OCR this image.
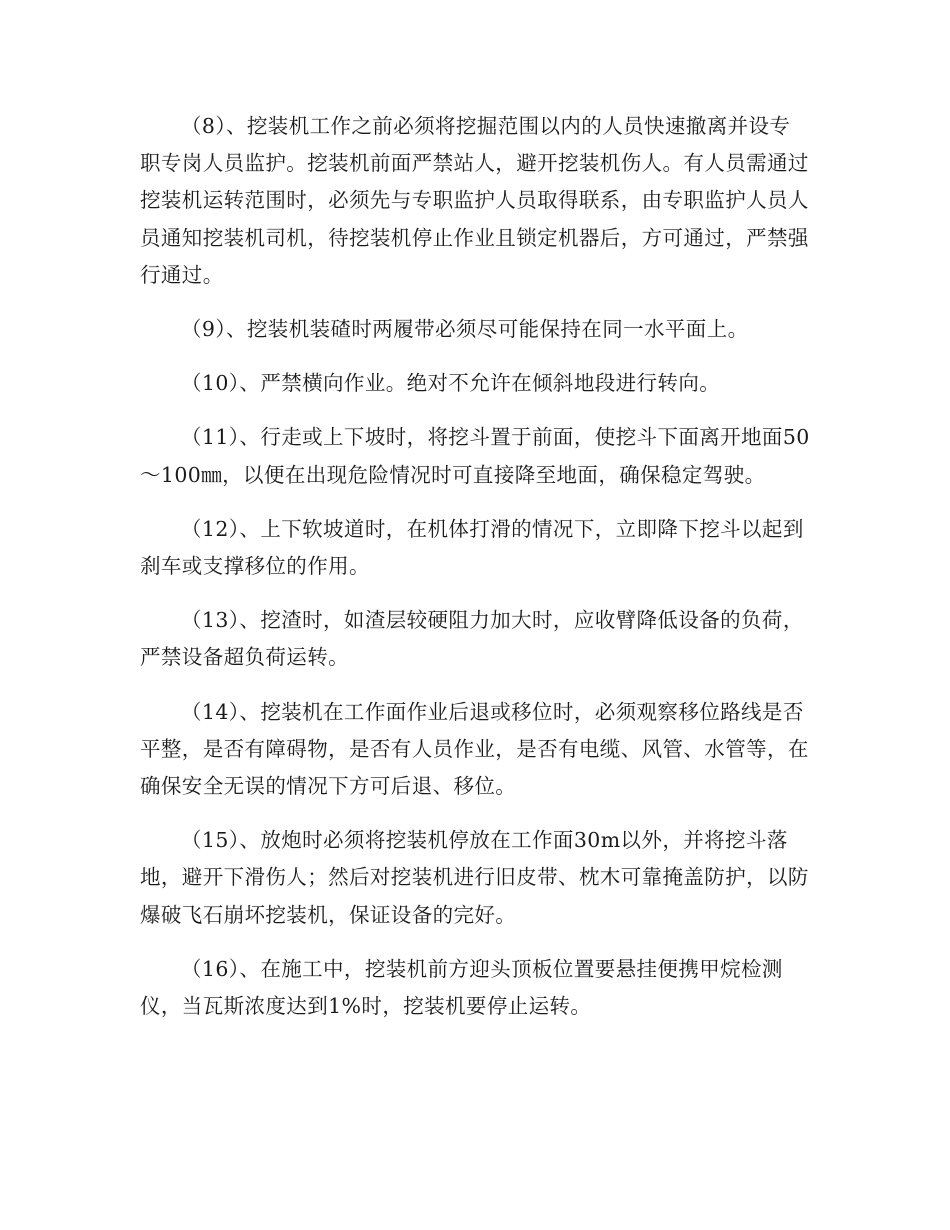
（8）、挖装机工作之前必须将挖掘范围以内的人员快速撤离并设专职专岗人员监护。挖装机前面严禁站人，避开挖装机伤人。有人员需通过挖装机运转范围时，必须先与专职监护人员取得联系，由专职监护人员人员通知挖装机司机，待挖装机停止作业且锁定机器后，方可通过，严禁强行通过。

（9）、挖装机装碴时两履带必须尽可能保持在同一水平面上。

（10）、严禁横向作业。绝对不允许在倾斜地段进行转向。

（11）、行走或上下坡时，将挖斗置于前面，使挖斗下面离开地面50～100㎜，以便在出现危险情况时可直接降至地面，确保稳定驾驶。

（12）、上下软坡道时，在机体打滑的情况下，立即降下挖斗以起到刹车或支撑移位的作用。

（13）、挖渣时，如渣层较硬阻力加大时，应收臂降低设备的负荷，严禁设备超负荷运转。

（14）、挖装机在工作面作业后退或移位时，必须观察移位路线是否平整，是否有障碍物，是否有人员作业，是否有电缆、风管、水管等，在确保安全无误的情况下方可后退、移位。

（15）、放炮时必须将挖装机停放在工作面30m以外，并将挖斗落地，避开下滑伤人；然后对挖装机进行旧皮带、枕木可靠掩盖防护，以防爆破飞石崩坏挖装机，保证设备的完好。

（16）、在施工中，挖装机前方迎头顶板位置要悬挂便携甲烷检测仪，当瓦斯浓度达到1%时，挖装机要停止运转。
